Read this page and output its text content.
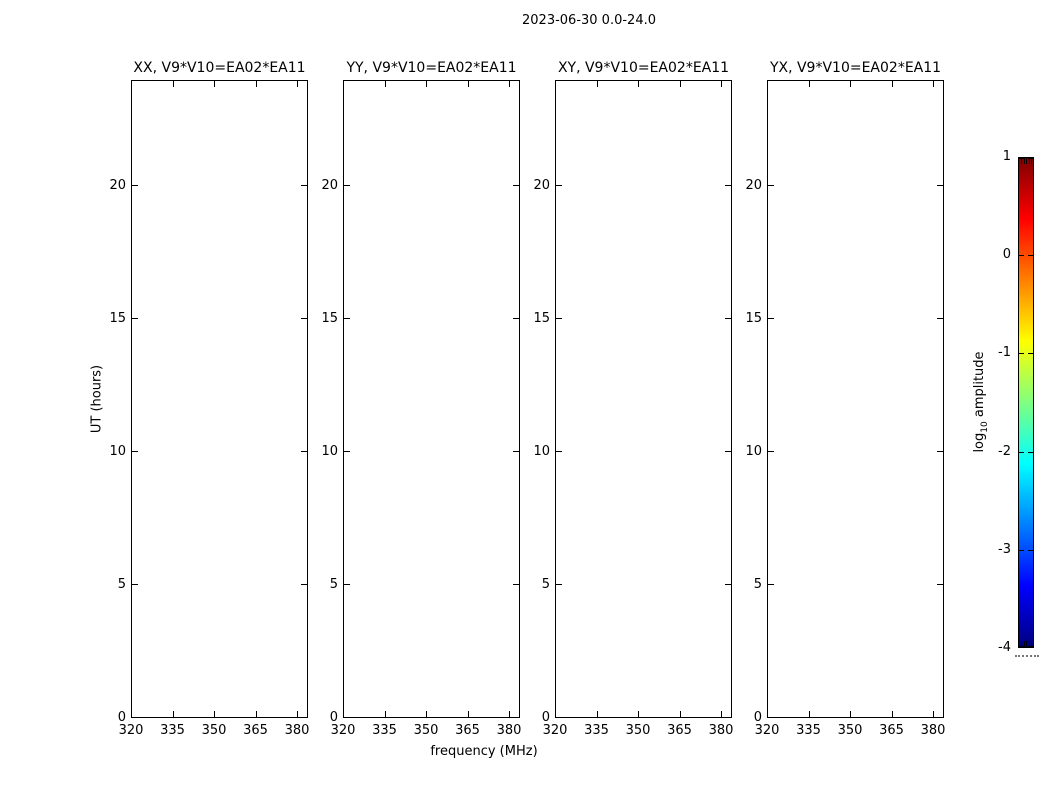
2023-06-30 0.0-24.0
XX, V9*V10=EA02*EA11	YY, V9*V10=EA02*EA11	XY, V9*V10=EA02*EA11	YX, V9*V10=EA02*EA11
UT (hours)
frequency (MHz)
$\log_{10}$ amplitude
320 335 350 365 380
0
5
10
15
20
320 335 350 365 380
0
5
10
15
20
320 335 350 365 380
0
5
10
15
20
320 335 350 365 380
0
5
10
15
20
1
0
-1
-2
-3
-4
